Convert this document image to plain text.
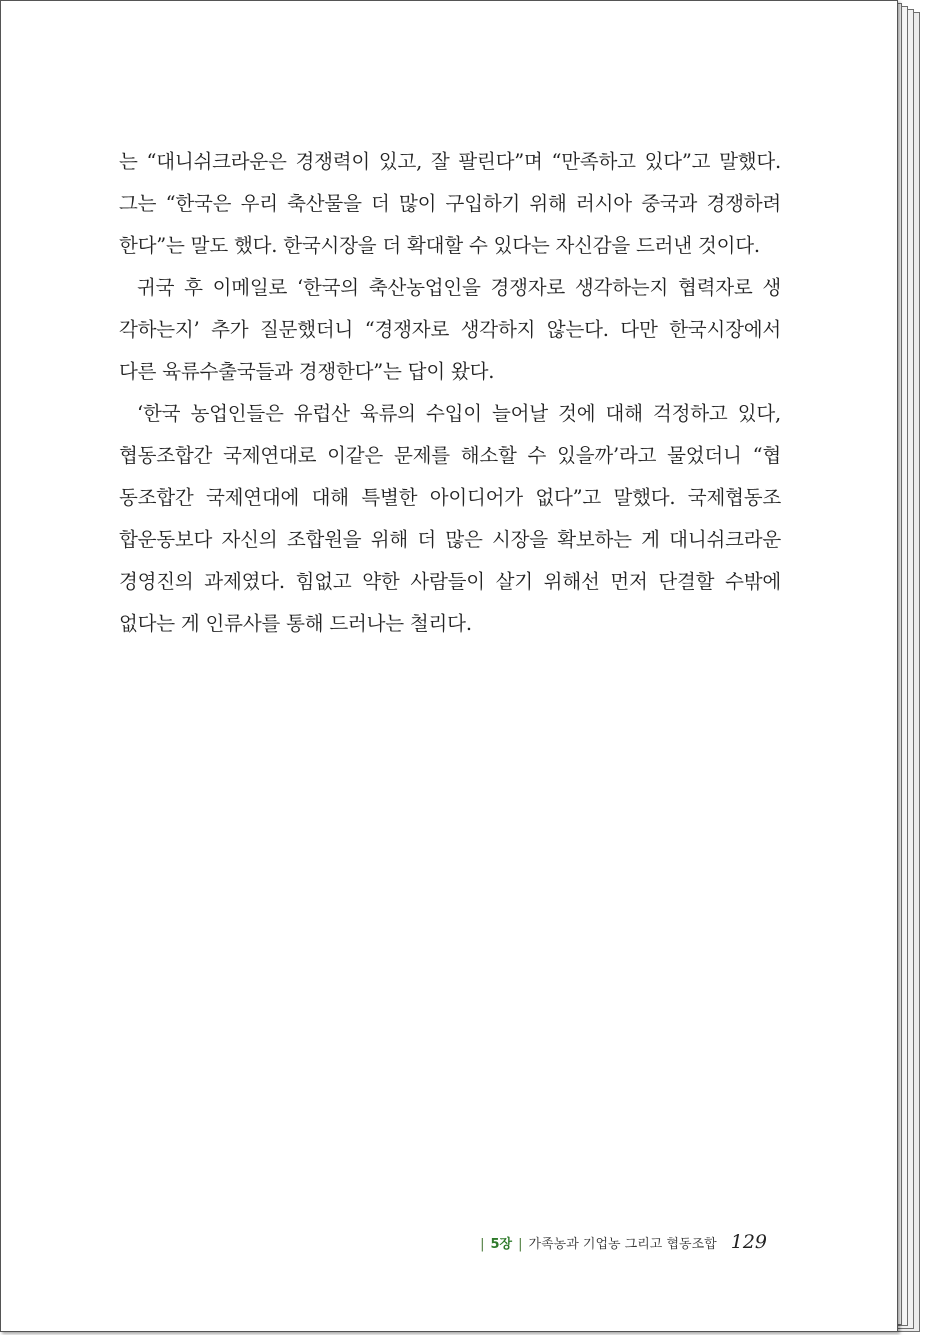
는 “대니쉬크라운은 경쟁력이 있고, 잘 팔린다”며 “만족하고 있다”고 말했다.

그는 “한국은 우리 축산물을 더 많이 구입하기 위해 러시아 중국과 경쟁하려

한다”는 말도 했다. 한국시장을 더 확대할 수 있다는 자신감을 드러낸 것이다.

귀국 후 이메일로 ‘한국의 축산농업인을 경쟁자로 생각하는지 협력자로 생

각하는지’ 추가 질문했더니 “경쟁자로 생각하지 않는다. 다만 한국시장에서

다른 육류수출국들과 경쟁한다”는 답이 왔다.

‘한국 농업인들은 유럽산 육류의 수입이 늘어날 것에 대해 걱정하고 있다,

협동조합간 국제연대로 이같은 문제를 해소할 수 있을까’라고 물었더니 “협

동조합간 국제연대에 대해 특별한 아이디어가 없다”고 말했다. 국제협동조

합운동보다 자신의 조합원을 위해 더 많은 시장을 확보하는 게 대니쉬크라운

경영진의 과제였다. 힘없고 약한 사람들이 살기 위해선 먼저 단결할 수밖에

없다는 게 인류사를 통해 드러나는 철리다.

| 5장 | 가족농과 기업농 그리고 협동조합 129
